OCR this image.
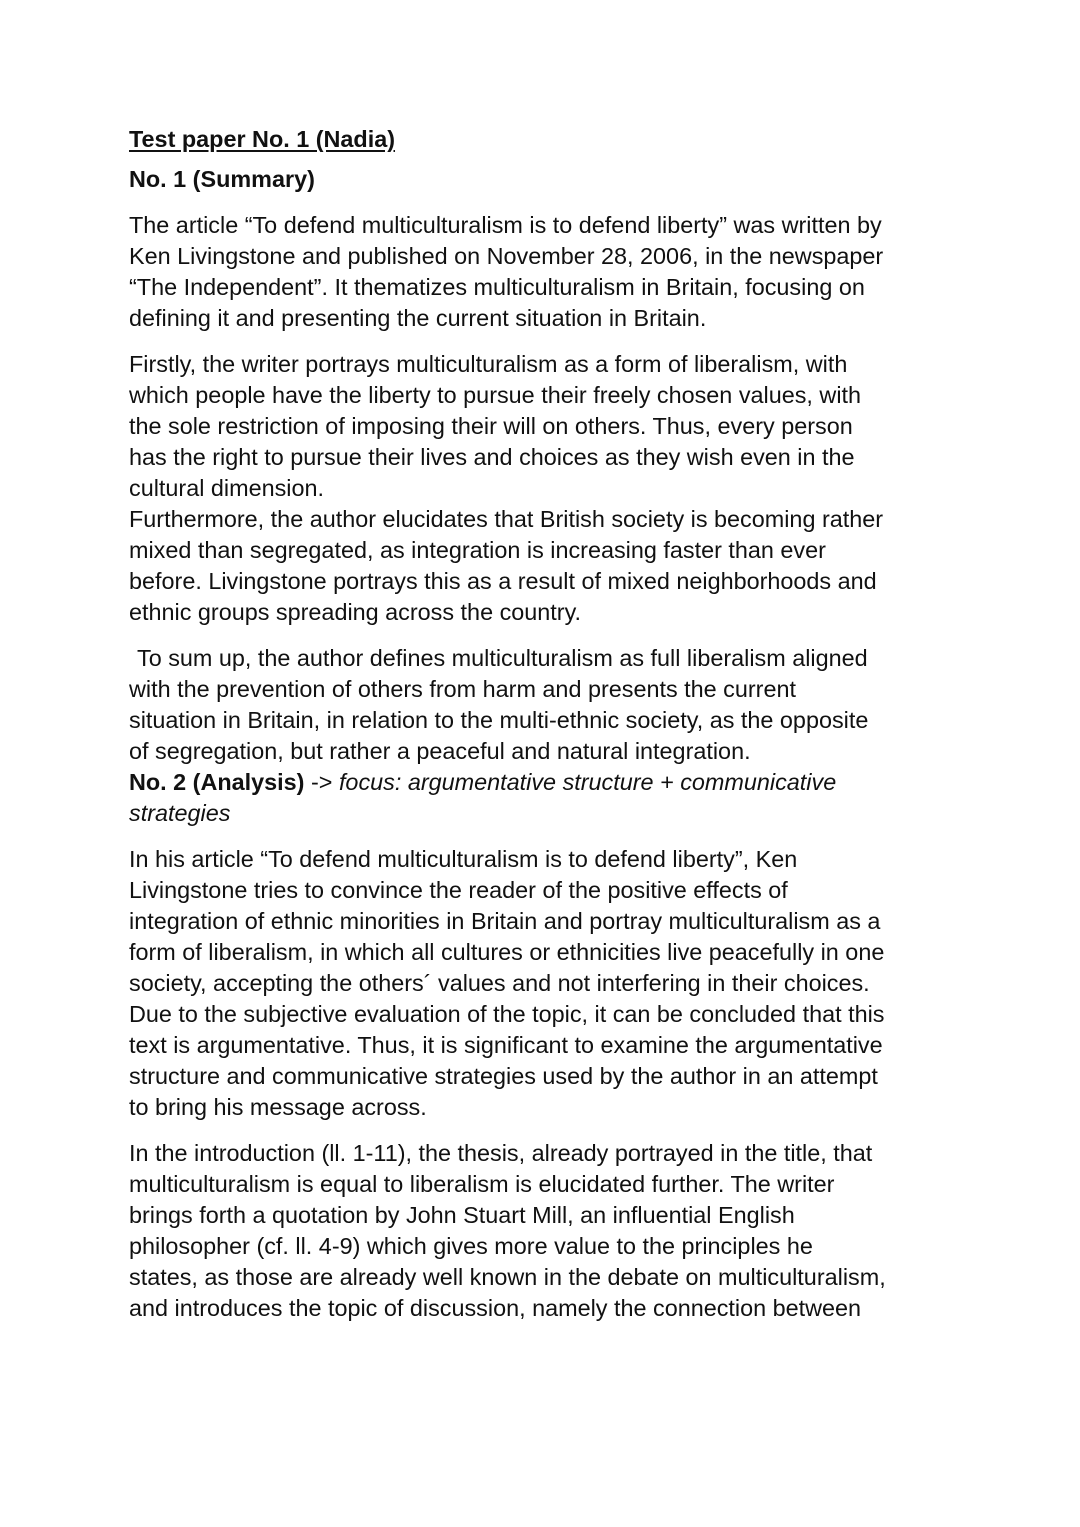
Test paper No. 1 (Nadia)
No. 1 (Summary)

The article “To defend multiculturalism is to defend liberty” was written by
Ken Livingstone and published on November 28, 2006, in the newspaper
“The Independent”. It thematizes multiculturalism in Britain, focusing on
defining it and presenting the current situation in Britain.

Firstly, the writer portrays multiculturalism as a form of liberalism, with
which people have the liberty to pursue their freely chosen values, with
the sole restriction of imposing their will on others. Thus, every person
has the right to pursue their lives and choices as they wish even in the
cultural dimension.
Furthermore, the author elucidates that British society is becoming rather
mixed than segregated, as integration is increasing faster than ever
before. Livingstone portrays this as a result of mixed neighborhoods and
ethnic groups spreading across the country.

To sum up, the author defines multiculturalism as full liberalism aligned

with the prevention of others from harm and presents the current
situation in Britain, in relation to the multi-ethnic society, as the opposite
of segregation, but rather a peaceful and natural integration.

No. 2 (Analysis) -> focus: argumentative structure + communicative
strategies

In his article “To defend multiculturalism is to defend liberty”, Ken
Livingstone tries to convince the reader of the positive effects of
integration of ethnic minorities in Britain and portray multiculturalism as a
form of liberalism, in which all cultures or ethnicities live peacefully in one
society, accepting the others´ values and not interfering in their choices.
Due to the subjective evaluation of the topic, it can be concluded that this
text is argumentative. Thus, it is significant to examine the argumentative
structure and communicative strategies used by the author in an attempt
to bring his message across.

In the introduction (ll. 1-11), the thesis, already portrayed in the title, that
multiculturalism is equal to liberalism is elucidated further. The writer
brings forth a quotation by John Stuart Mill, an influential English
philosopher (cf. ll. 4-9) which gives more value to the principles he
states, as those are already well known in the debate on multiculturalism,
and introduces the topic of discussion, namely the connection between
